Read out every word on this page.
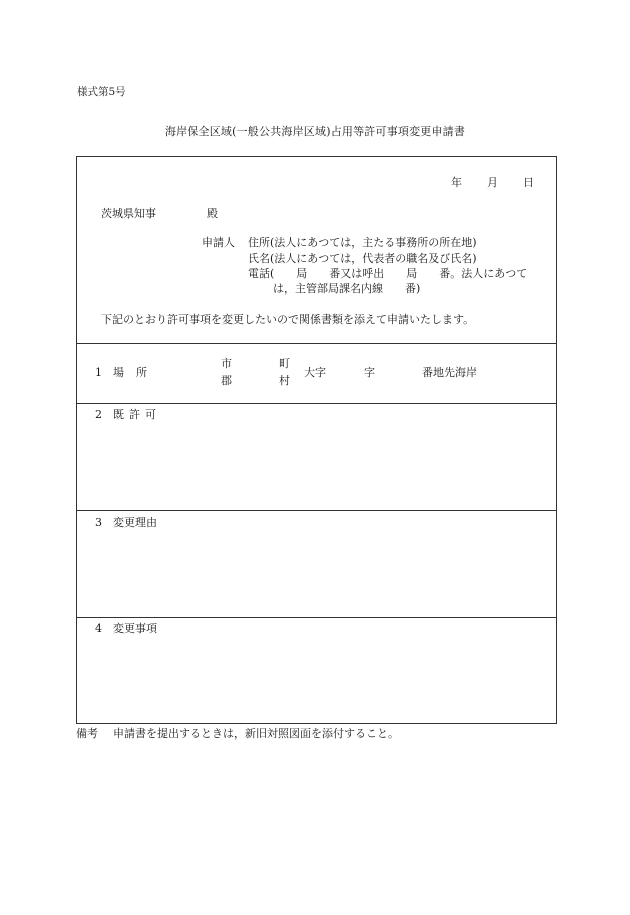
様式第5号
海岸保全区域(一般公共海岸区域)占用等許可事項変更申請書
年 月 日
茨城県知事	殿
申請人 住所(法人にあつては，主たる事務所の所在地)
氏名(法人にあつては，代表者の職名及び氏名)
電話(　　局　　番又は呼出　　局　　番。法人にあつて
は，主管部局課名内線　　番)
下記のとおり許可事項を変更したいので関係書類を添えて申請いたします。
1 場所
市
郡
町
村
大字	字	番地先海岸
2 既許可
3 変更理由
4 変更事項
備考 申請書を提出するときは，新旧対照図面を添付すること。
